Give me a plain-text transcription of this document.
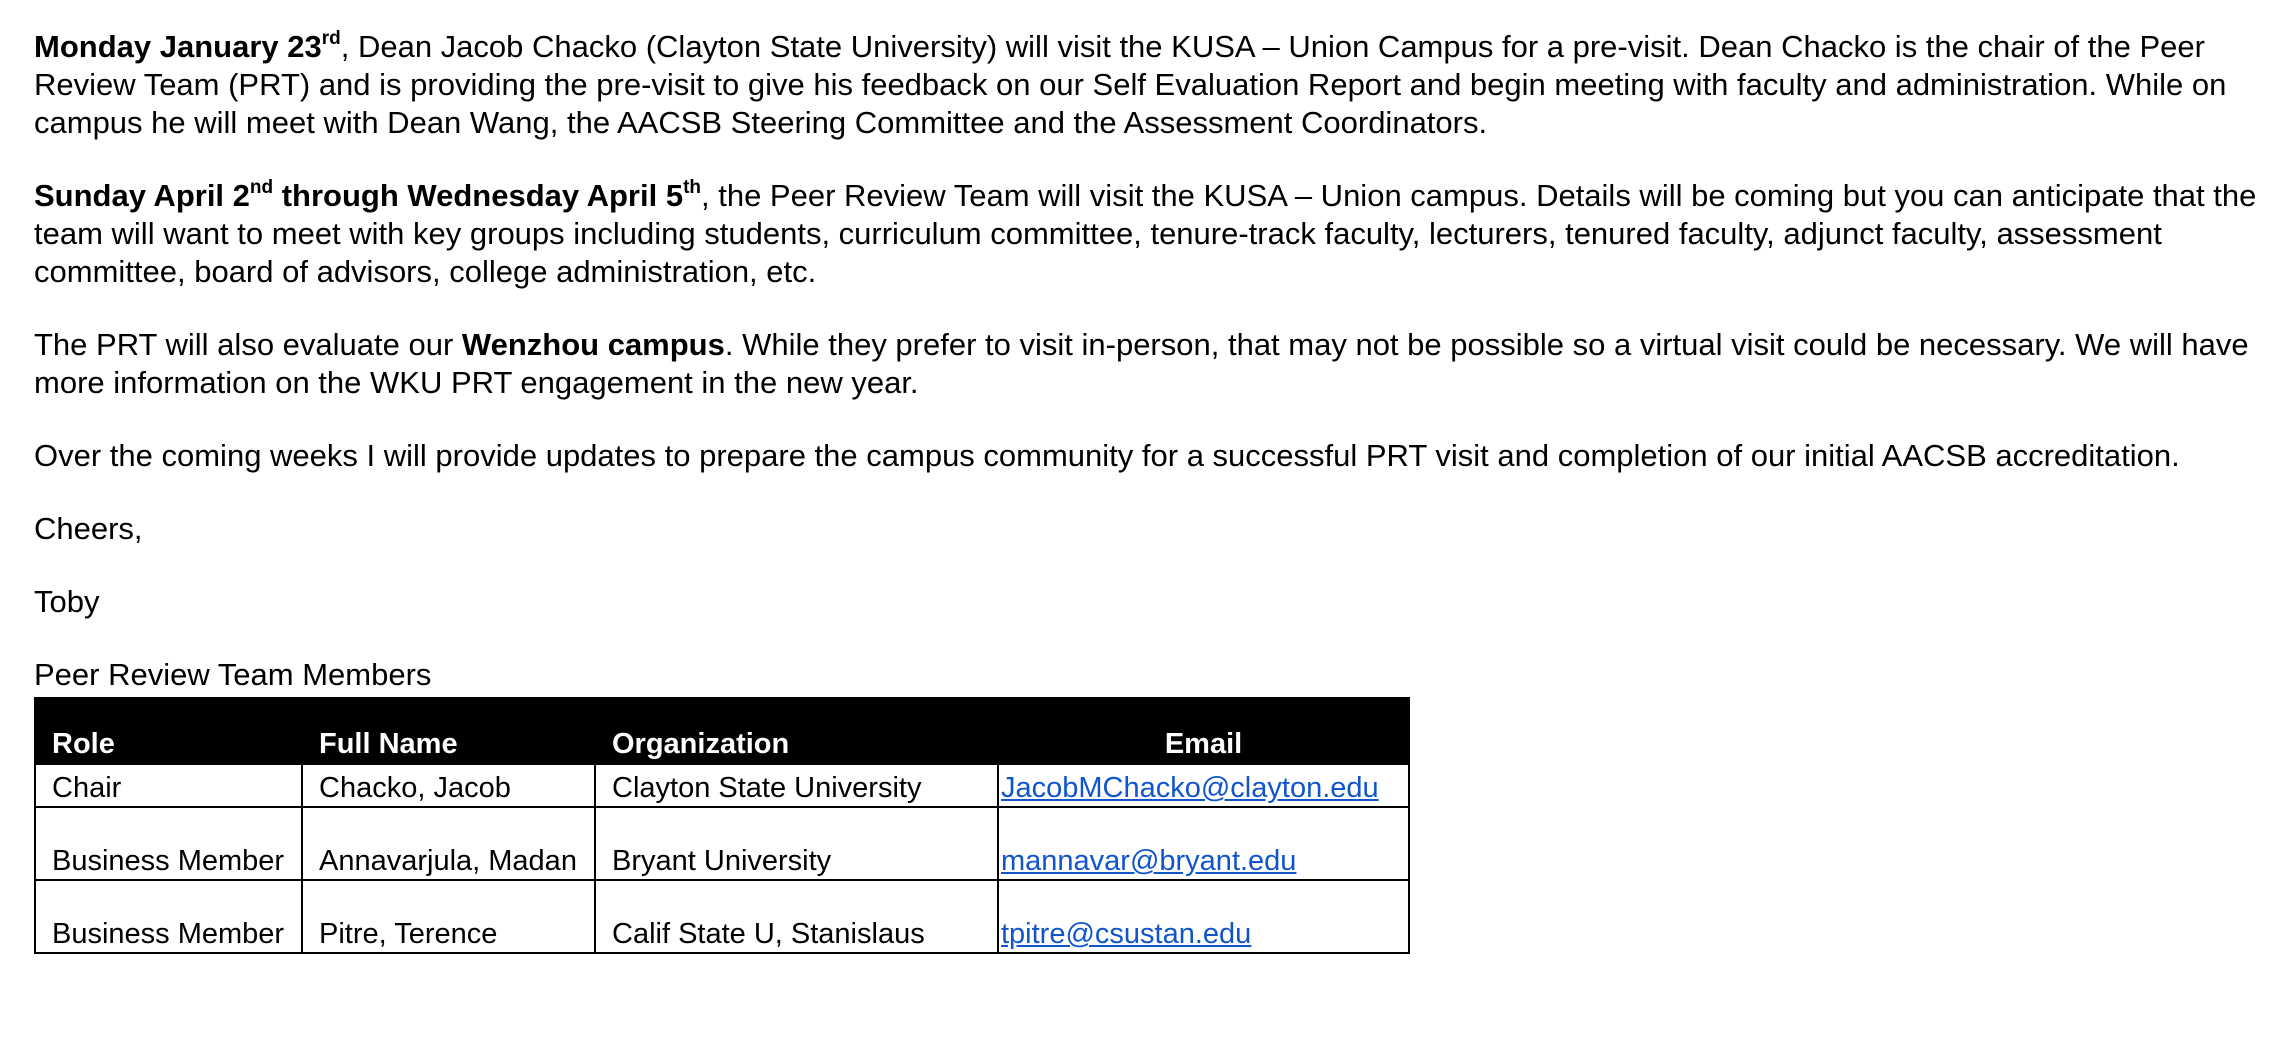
Monday January 23rd, Dean Jacob Chacko (Clayton State University) will visit the KUSA – Union Campus for a pre-visit. Dean Chacko is the chair of the Peer Review Team (PRT) and is providing the pre-visit to give his feedback on our Self Evaluation Report and begin meeting with faculty and administration. While on campus he will meet with Dean Wang, the AACSB Steering Committee and the Assessment Coordinators.

Sunday April 2nd through Wednesday April 5th, the Peer Review Team will visit the KUSA – Union campus. Details will be coming but you can anticipate that the team will want to meet with key groups including students, curriculum committee, tenure-track faculty, lecturers, tenured faculty, adjunct faculty, assessment committee, board of advisors, college administration, etc.

The PRT will also evaluate our Wenzhou campus. While they prefer to visit in-person, that may not be possible so a virtual visit could be necessary. We will have more information on the WKU PRT engagement in the new year.

Over the coming weeks I will provide updates to prepare the campus community for a successful PRT visit and completion of our initial AACSB accreditation.

Cheers,

Toby

Peer Review Team Members
Role	Full Name	Organization	Email
Chair	Chacko, Jacob	Clayton State University	JacobMChacko@clayton.edu
Business Member	Annavarjula, Madan	Bryant University	mannavar@bryant.edu
Business Member	Pitre, Terence	Calif State U, Stanislaus	tpitre@csustan.edu
